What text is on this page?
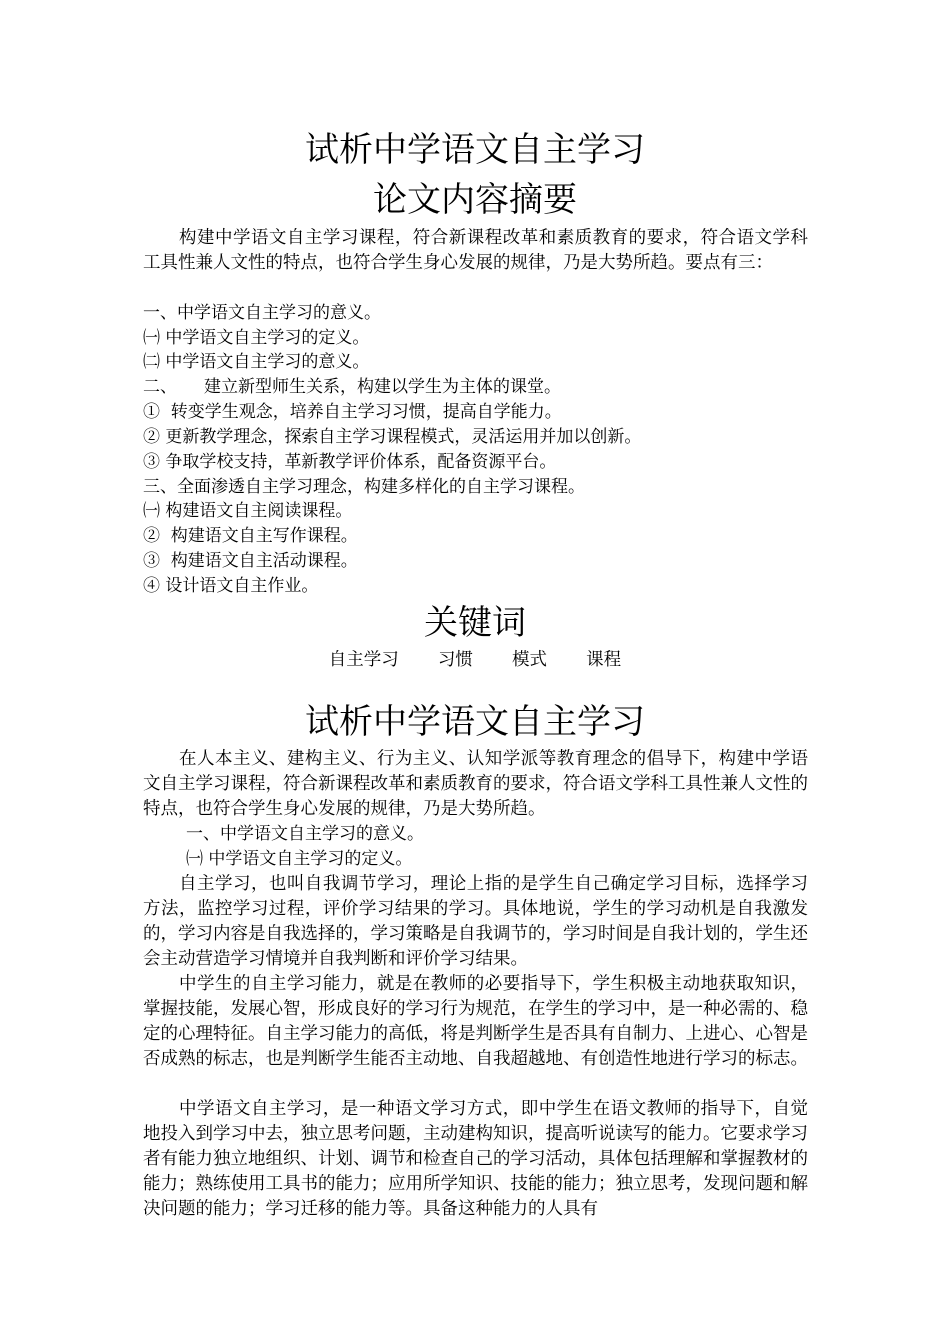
试析中学语文自主学习
论文内容摘要

构建中学语文自主学习课程，符合新课程改革和素质教育的要求，符合语文学科工具性兼人文性的特点，也符合学生身心发展的规律，乃是大势所趋。要点有三：

一、中学语文自主学习的意义。
㈠ 中学语文自主学习的定义。
㈡ 中学语文自主学习的意义。
二、     建立新型师生关系，构建以学生为主体的课堂。
①  转变学生观念，培养自主学习习惯，提高自学能力。
② 更新教学理念，探索自主学习课程模式，灵活运用并加以创新。
③ 争取学校支持，革新教学评价体系，配备资源平台。
三、全面渗透自主学习理念，构建多样化的自主学习课程。
㈠ 构建语文自主阅读课程。
②  构建语文自主写作课程。
③  构建语文自主活动课程。
④ 设计语文自主作业。
关键词
自主学习  习惯  模式  课程
试析中学语文自主学习

在人本主义、建构主义、行为主义、认知学派等教育理念的倡导下，构建中学语文自主学习课程，符合新课程改革和素质教育的要求，符合语文学科工具性兼人文性的特点，也符合学生身心发展的规律，乃是大势所趋。

一、中学语文自主学习的意义。
㈠ 中学语文自主学习的定义。

自主学习，也叫自我调节学习，理论上指的是学生自己确定学习目标，选择学习方法，监控学习过程，评价学习结果的学习。具体地说，学生的学习动机是自我激发的，学习内容是自我选择的，学习策略是自我调节的，学习时间是自我计划的，学生还会主动营造学习情境并自我判断和评价学习结果。

中学生的自主学习能力，就是在教师的必要指导下，学生积极主动地获取知识，掌握技能，发展心智，形成良好的学习行为规范，在学生的学习中，是一种必需的、稳定的心理特征。自主学习能力的高低，将是判断学生是否具有自制力、上进心、心智是否成熟的标志，也是判断学生能否主动地、自我超越地、有创造性地进行学习的标志。

中学语文自主学习，是一种语文学习方式，即中学生在语文教师的指导下，自觉地投入到学习中去，独立思考问题，主动建构知识，提高听说读写的能力。它要求学习者有能力独立地组织、计划、调节和检查自己的学习活动，具体包括理解和掌握教材的能力；熟练使用工具书的能力；应用所学知识、技能的能力；独立思考，发现问题和解决问题的能力；学习迁移的能力等。具备这种能力的人具有
